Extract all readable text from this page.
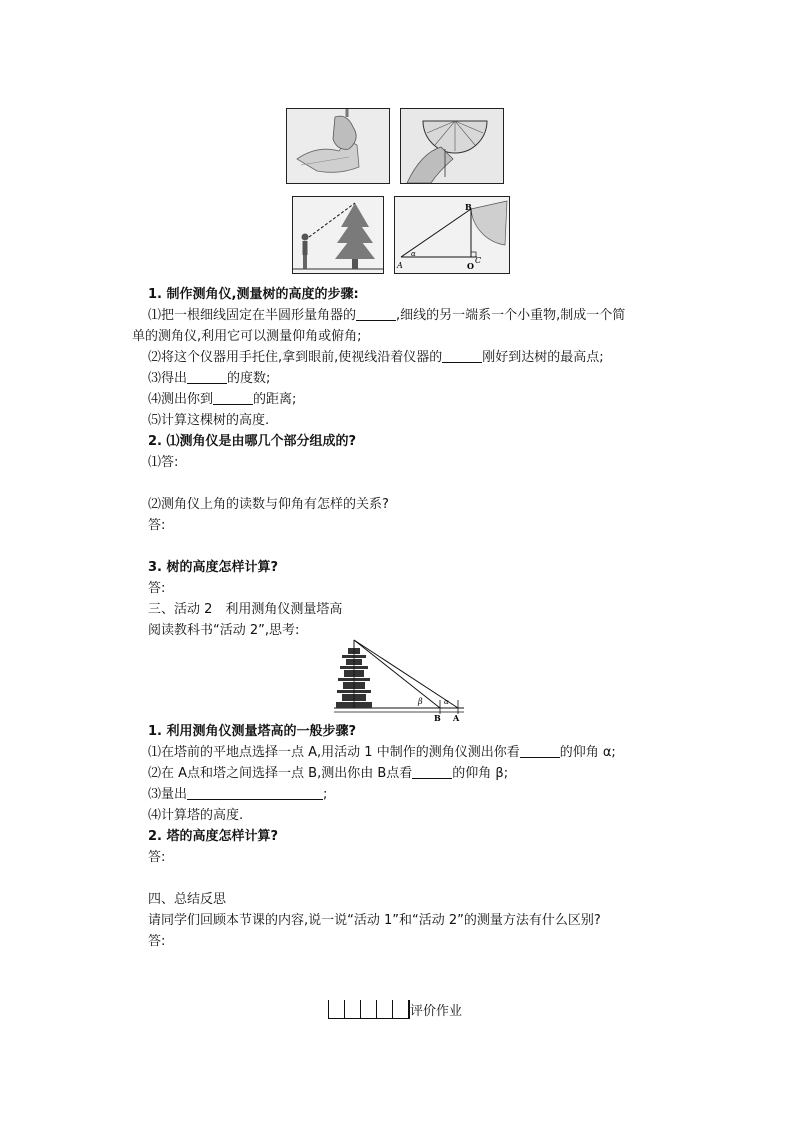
B
A	O
C
α

1. 制作测角仪,测量树的高度的步骤:

⑴把一根细线固定在半圆形量角器的	,细线的另一端系一个小重物,制成一个简

单的测角仪,利用它可以测量仰角或俯角;

⑵将这个仪器用手托住,拿到眼前,使视线沿着仪器的	刚好到达树的最高点;

⑶得出	的度数;

⑷测出你到	的距离;

⑸计算这棵树的高度.

2. ⑴测角仪是由哪几个部分组成的?

⑴答:

⑵测角仪上角的读数与仰角有怎样的关系?

答:

3. 树的高度怎样计算?

答:

三、活动 2　利用测角仪测量塔高

阅读教科书“活动 2”,思考:

β	α
B A

1. 利用测角仪测量塔高的一般步骤?

⑴在塔前的平地点选择一点 A,用活动 1 中制作的测角仪测出你看	的仰角 α;

⑵在 A点和塔之间选择一点 B,测出你由 B点看	的仰角 β;

⑶量出	;

⑷计算塔的高度.

2. 塔的高度怎样计算?

答:

四、总结反思

请同学们回顾本节课的内容,说一说“活动 1”和“活动 2”的测量方法有什么区别?

答:

评价作业
